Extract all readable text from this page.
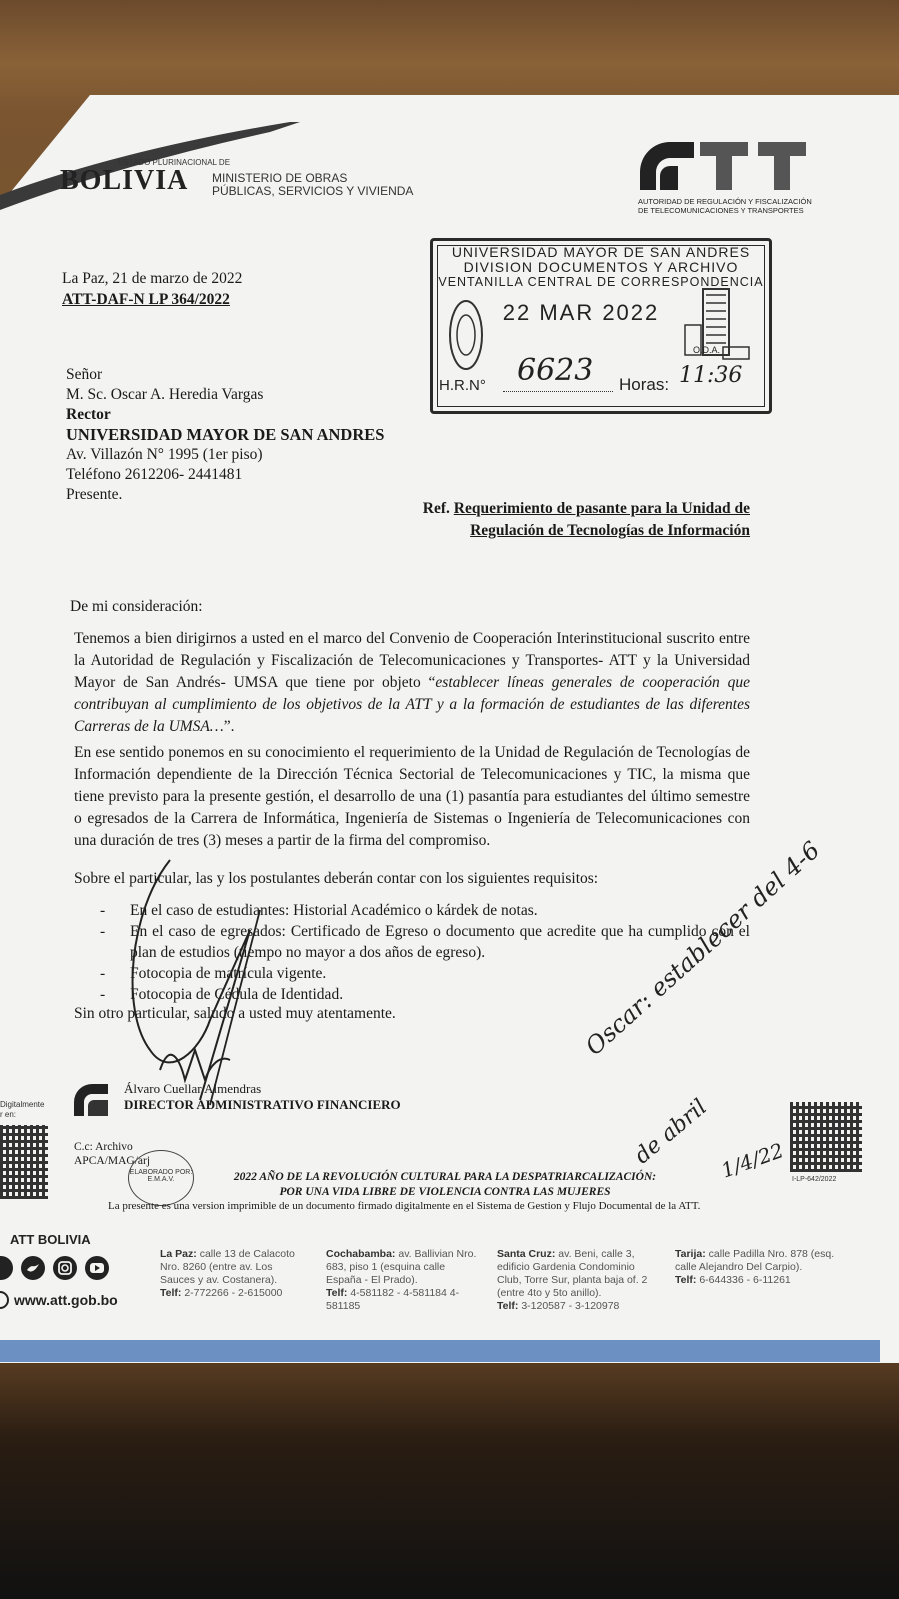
ESTADO PLURINACIONAL DE
BOLIVIA MINISTERIO DE OBRAS
PÚBLICAS, SERVICIOS Y VIVIENDA
AUTORIDAD DE REGULACIÓN Y FISCALIZACIÓN
DE TELECOMUNICACIONES Y TRANSPORTES
UNIVERSIDAD MAYOR DE SAN ANDRES
DIVISION DOCUMENTOS Y ARCHIVO
VENTANILLA CENTRAL DE CORRESPONDENCIA
22 MAR 2022
O.D.A.
H.R.N° 6623 Horas: 11:36
La Paz, 21 de marzo de 2022
ATT-DAF-N LP 364/2022
Señor
M. Sc. Oscar A. Heredia Vargas
Rector
UNIVERSIDAD MAYOR DE SAN ANDRES
Av. Villazón N° 1995 (1er piso)
Teléfono 2612206- 2441481
Presente.
Ref. Requerimiento de pasante para la Unidad de
Regulación de Tecnologías de Información
De mi consideración:
Tenemos a bien dirigirnos a usted en el marco del Convenio de Cooperación Interinstitucional suscrito entre la Autoridad de Regulación y Fiscalización de Telecomunicaciones y Transportes- ATT y la Universidad Mayor de San Andrés- UMSA que tiene por objeto “establecer líneas generales de cooperación que contribuyan al cumplimiento de los objetivos de la ATT y a la formación de estudiantes de las diferentes Carreras de la UMSA…”.
En ese sentido ponemos en su conocimiento el requerimiento de la Unidad de Regulación de Tecnologías de Información dependiente de la Dirección Técnica Sectorial de Telecomunicaciones y TIC, la misma que tiene previsto para la presente gestión, el desarrollo de una (1) pasantía para estudiantes del último semestre o egresados de la Carrera de Informática, Ingeniería de Sistemas o Ingeniería de Telecomunicaciones con una duración de tres (3) meses a partir de la firma del compromiso.
Sobre el particular, las y los postulantes deberán contar con los siguientes requisitos:
-	En el caso de estudiantes: Historial Académico o kárdek de notas.
-	En el caso de egresados: Certificado de Egreso o documento que acredite que ha cumplido con el plan de estudios (tiempo no mayor a dos años de egreso).
-	Fotocopia de matrícula vigente.
-	Fotocopia de Cédula de Identidad.
Sin otro particular, saludo a usted muy atentamente.
Álvaro Cuellar Almendras
DIRECTOR ADMINISTRATIVO FINANCIERO
Digitalmente
r en:
C.c: Archivo
APCA/MAG/arj
ELABORADO POR: E.M.A.V.	2022 AÑO DE LA REVOLUCIÓN CULTURAL PARA LA DESPATRIARCALIZACIÓN:
POR UNA VIDA LIBRE DE VIOLENCIA CONTRA LAS MUJERES
La presente es una version imprimible de un documento firmado digitalmente en el Sistema de Gestion y Flujo Documental de la ATT.
I-LP-642/2022
Oscar: establecer del 4-6
de abril 1/4/22
ATT BOLIVIA
www.att.gob.bo
La Paz: calle 13 de Calacoto Nro. 8260 (entre av. Los Sauces y av. Costanera).
Telf: 2-772266 - 2-615000
Cochabamba: av. Ballivian Nro. 683, piso 1 (esquina calle España - El Prado).
Telf: 4-581182 - 4-581184 4-581185
Santa Cruz: av. Beni, calle 3, edificio Gardenia Condominio Club, Torre Sur, planta baja of. 2 (entre 4to y 5to anillo).
Telf: 3-120587 - 3-120978
Tarija: calle Padilla Nro. 878 (esq. calle Alejandro Del Carpio).
Telf: 6-644336 - 6-11261
